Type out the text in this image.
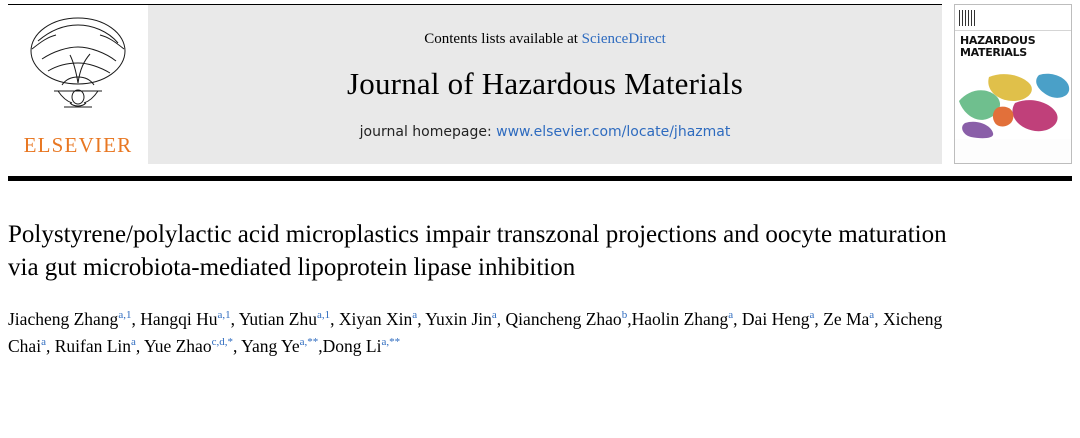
ELSEVIER
Contents lists available at ScienceDirect
Journal of Hazardous Materials
journal homepage: www.elsevier.com/locate/jhazmat
HAZARDOUS
MATERIALS
Polystyrene/polylactic acid microplastics impair transzonal projections and oocyte maturation via gut microbiota-mediated lipoprotein lipase inhibition
Jiacheng Zhang$^{a,1}$, Hangqi Hu$^{a,1}$, Yutian Zhu$^{a,1}$, Xiyan Xin$^a$, Yuxin Jin$^a$, Qiancheng Zhao$^b$,Haolin Zhang$^a$, Dai Heng$^a$, Ze Ma$^a$, Xicheng Chai$^a$, Ruifan Lin$^a$, Yue Zhao$^{c,d,*}$, Yang $Ye^{a,**},Dong$ $Li^{a,**}$
